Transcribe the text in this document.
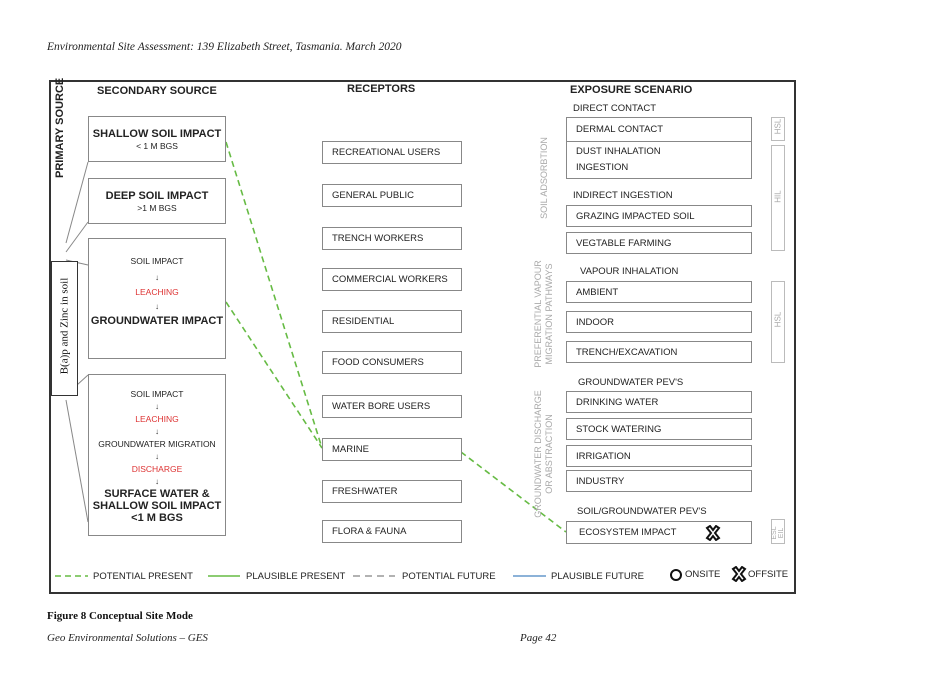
Environmental Site Assessment: 139 Elizabeth Street, Tasmania. March 2020
PRIMARY SOURCE
B(a)p and Zinc in soil
SECONDARY SOURCE
SHALLOW SOIL IMPACT
< 1 M BGS
DEEP SOIL IMPACT
>1 M BGS
SOIL IMPACT
↓
LEACHING
↓
GROUNDWATER IMPACT
SOIL IMPACT
↓
LEACHING
↓
GROUNDWATER MIGRATION
↓
DISCHARGE
↓
SURFACE WATER &
SHALLOW SOIL IMPACT
<1 M BGS
RECEPTORS
RECREATIONAL USERS
GENERAL PUBLIC
TRENCH WORKERS
COMMERCIAL WORKERS
RESIDENTIAL
FOOD CONSUMERS
WATER BORE USERS
MARINE
FRESHWATER
FLORA & FAUNA
SOIL ADSORBTION
PREFERENTIAL VAPOUR
MIGRATION PATHWAYS
GROUNDWATER DISCHARGE
OR ABSTRACTION
EXPOSURE SCENARIO
DIRECT CONTACT
DERMAL CONTACT
DUST INHALATION
INGESTION
INDIRECT INGESTION
GRAZING IMPACTED SOIL
VEGTABLE FARMING
VAPOUR INHALATION
AMBIENT
INDOOR
TRENCH/EXCAVATION
GROUNDWATER PEV'S
DRINKING WATER
STOCK WATERING
IRRIGATION
INDUSTRY
SOIL/GROUNDWATER PEV'S
ECOSYSTEM IMPACT
HSL
HIL
HSL
ESL
EIL
POTENTIAL PRESENT	PLAUSIBLE PRESENT	POTENTIAL FUTURE	PLAUSIBLE FUTURE	ONSITE	OFFSITE
Figure 8 Conceptual Site Mode
Geo Environmental Solutions – GES	Page 42
